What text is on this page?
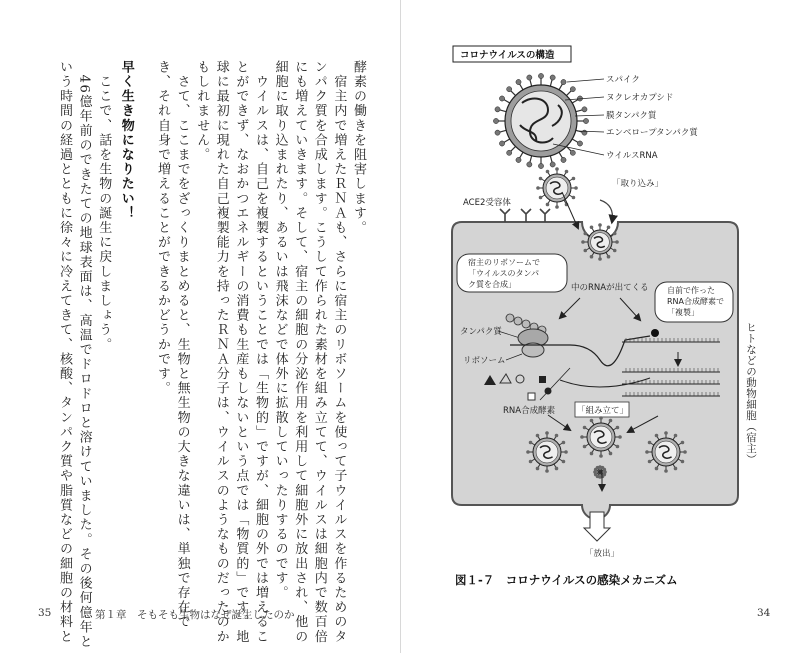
酵素の働きを阻害します。
　宿主内で増えたＲＮＡも、さらに宿主のリボソームを使って子ウイルスを作るためのタ
ンパク質を合成します。こうして作られた素材を組み立てて、ウイルスは細胞内で数百倍
にも増えていきます。そして、宿主の細胞の分泌作用を利用して細胞外に放出され、他の
細胞に取り込まれたり、あるいは飛沫などで体外に拡散していったりするのです。
　ウイルスは、自己を複製するということでは「生物的」ですが、細胞の外では増えるこ
とができず、なおかつエネルギーの消費も生産もしないという点では「物質的」です。地
球に最初に現れた自己複製能力を持ったＲＮＡ分子は、ウイルスのようなものだったのか
もしれません。
　さて、ここまでをざっくりまとめると、生物と無生物の大きな違いは、単独で存在で
き、それ自身で増えることができるかどうかです。
早く生き物になりたい！
　ここで、話を生物の誕生に戻しましょう。
　46億年前のできたての地球表面は、高温でドロドロと溶けていました。その後何億年と
いう時間の経過とともに徐々に冷えてきて、核酸、タンパク質や脂質などの細胞の材料と
35	第１章　そもそも生物はなぜ誕生したのか
コロナウイルスの構造
スパイク
ヌクレオカプシド
膜タンパク質
エンベロープタンパク質
ウイルスRNA
ACE2受容体
「取り込み」
宿主のリボソームで
「ウイルスのタンパ
ク質を合成」	中のRNAが出てくる 自前で作った
RNA合成酵素で
「複製」
タンパク質
リボソーム
RNA合成酵素	「組み立て」
「放出」
ヒトなどの動物細胞（宿主）
図１-７　コロナウイルスの感染メカニズム
34
